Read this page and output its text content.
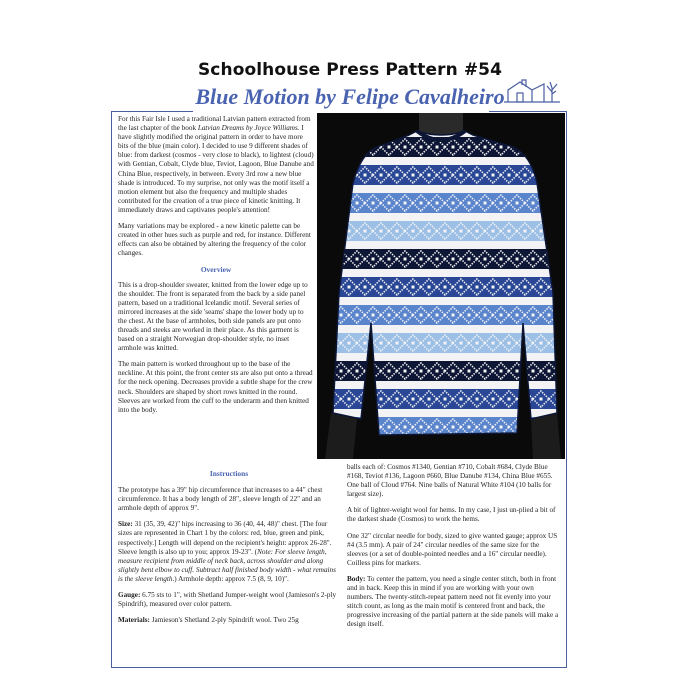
Schoolhouse Press Pattern #54
Blue Motion by Felipe Cavalheiro

For this Fair Isle I used a traditional Latvian pattern extracted from the last chapter of the book Latvian Dreams by Joyce Williams. I have slightly modified the original pattern in order to have more bits of the blue (main color). I decided to use 9 different shades of blue: from darkest (cosmos - very close to black), to lightest (cloud) with Gentian, Cobalt, Clyde blue, Teviot, Lagoon, Blue Danube and China Blue, respectively, in between. Every 3rd row a new blue shade is introduced. To my surprise, not only was the motif itself a motion element but also the frequency and multiple shades contributed for the creation of a true piece of kinetic knitting. It immediately draws and captivates people's attention!

Many variations may be explored - a new kinetic palette can be created in other hues such as purple and red, for instance. Different effects can also be obtained by altering the frequency of the color changes.

Overview

This is a drop-shoulder sweater, knitted from the lower edge up to the shoulder. The front is separated from the back by a side panel pattern, based on a traditional Icelandic motif. Several series of mirrored increases at the side 'seams' shape the lower body up to the chest. At the base of armholes, both side panels are put onto threads and steeks are worked in their place. As this garment is based on a straight Norwegian drop-shoulder style, no inset armhole was knitted.

The main pattern is worked throughout up to the base of the neckline. At this point, the front center sts are also put onto a thread for the neck opening. Decreases provide a subtle shape for the crew neck. Shoulders are shaped by short rows knitted in the round. Sleeves are worked from the cuff to the underarm and then knitted into the body.

Instructions

The prototype has a 39" hip circumference that increases to a 44" chest circumference. It has a body length of 28", sleeve length of 22" and an armhole depth of approx 9".

Size: 31 (35, 39, 42)" hips increasing to 36 (40, 44, 48)" chest. [The four sizes are represented in Chart 1 by the colors: red, blue, green and pink, respectively.] Length will depend on the recipient's height: approx 26-28". Sleeve length is also up to you; approx 19-23". (Note: For sleeve length, measure recipient from middle of neck back, across shoulder and along slightly bent elbow to cuff. Subtract half finished body width - what remains is the sleeve length.) Armhole depth: approx 7.5 (8, 9, 10)".

Gauge: 6.75 sts to 1", with Shetland Jumper-weight wool (Jamieson's 2-ply Spindrift), measured over color pattern.

Materials: Jamieson's Shetland 2-ply Spindrift wool. Two 25g

balls each of: Cosmos #1340, Gentian #710, Cobalt #684, Clyde Blue #168, Teviot #136, Lagoon #660, Blue Danube #134, China Blue #655. One ball of Cloud #764. Nine balls of Natural White #104 (10 balls for largest size).

A bit of lighter-weight wool for hems. In my case, I just un-plied a bit of the darkest shade (Cosmos) to work the hems.

One 32" circular needle for body, sized to give wanted gauge; approx US #4 (3.5 mm). A pair of 24" circular needles of the same size for the sleeves (or a set of double-pointed needles and a 16" circular needle). Coilless pins for markers.

Body: To center the pattern, you need a single center stitch, both in front and in back. Keep this in mind if you are working with your own numbers. The twenty-stitch-repeat pattern need not fit evenly into your stitch count, as long as the main motif is centered front and back, the progressive increasing of the partial pattern at the side panels will make a design itself.
